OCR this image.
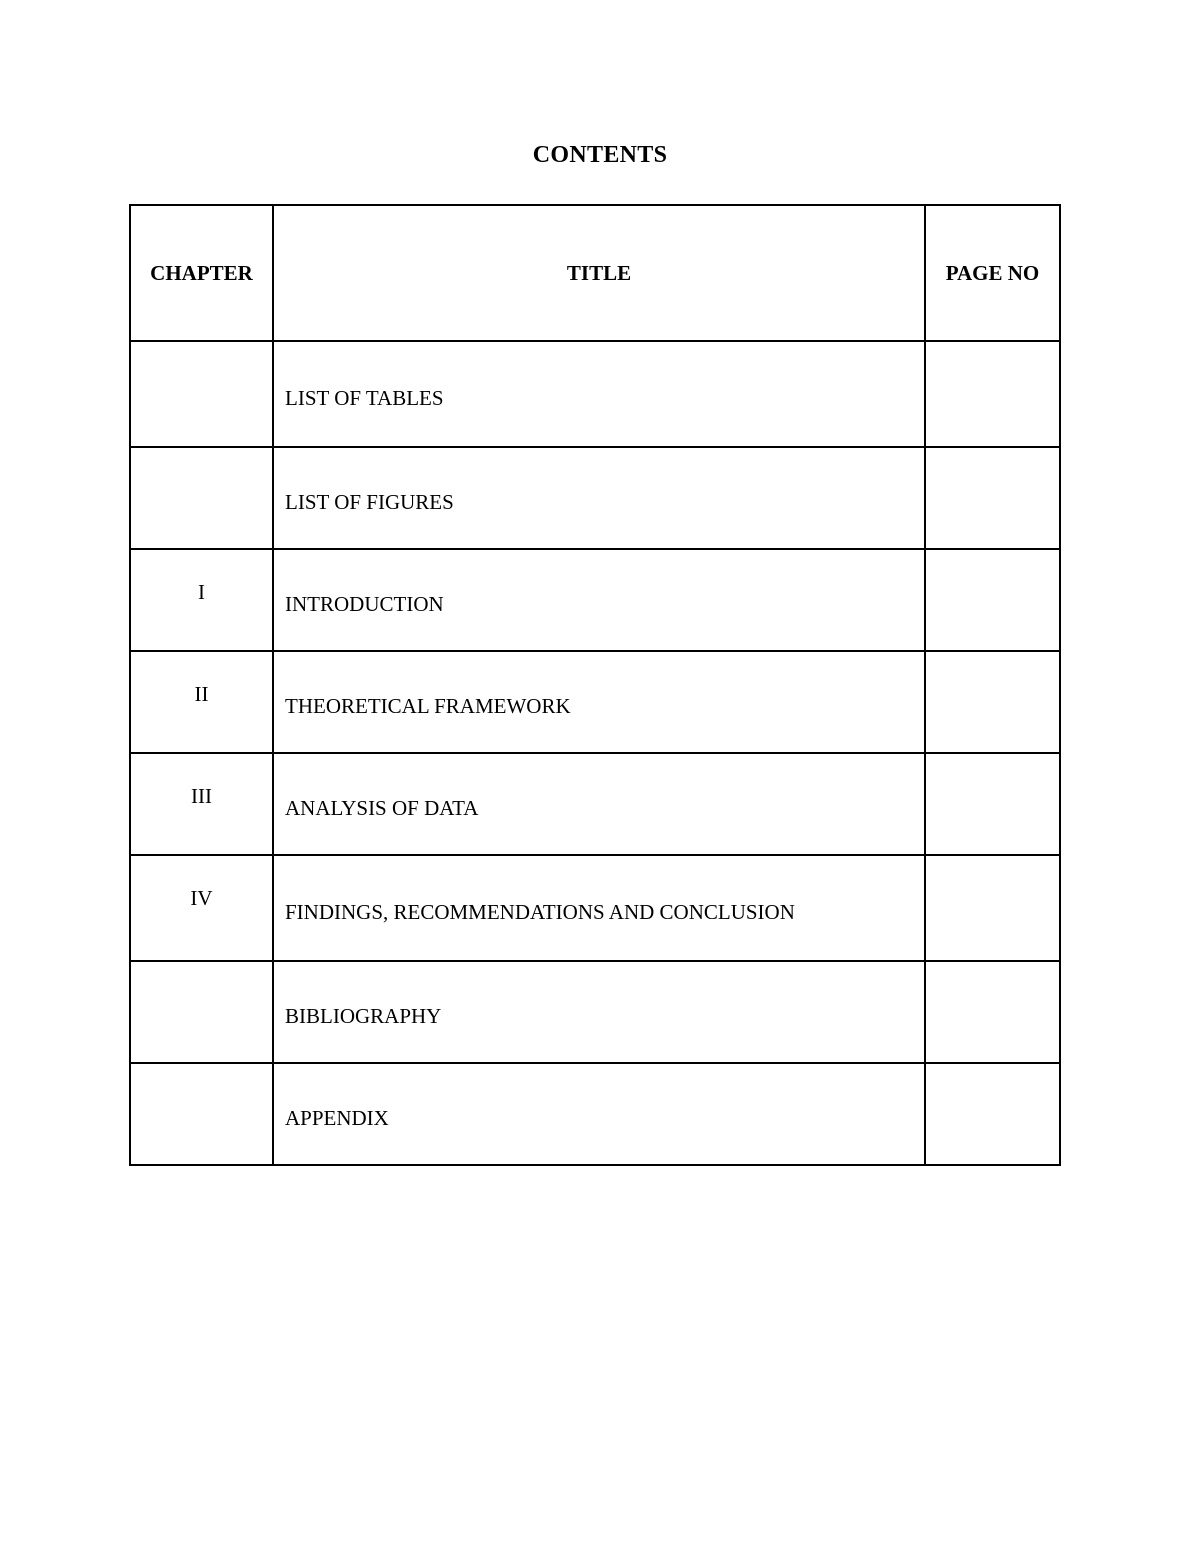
CONTENTS
CHAPTER	TITLE	PAGE NO

	LIST OF TABLES	

	LIST OF FIGURES	

I	INTRODUCTION	

II	THEORETICAL FRAMEWORK	

III	ANALYSIS OF DATA	

IV	FINDINGS, RECOMMENDATIONS AND CONCLUSION	

	BIBLIOGRAPHY	

	APPENDIX	
